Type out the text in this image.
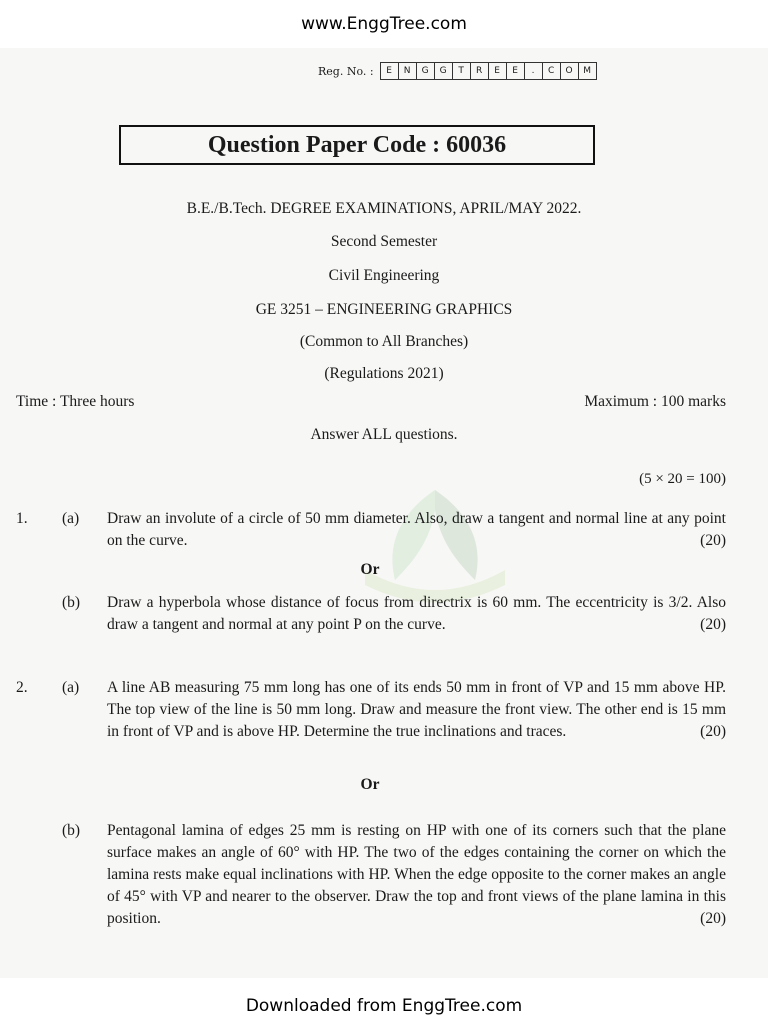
www.EnggTree.com
Reg. No. :	E	N	G	G	T	R	E	E	.	C	O	M
Question Paper Code : 60036
B.E./B.Tech. DEGREE EXAMINATIONS, APRIL/MAY 2022.
Second Semester
Civil Engineering
GE 3251 – ENGINEERING GRAPHICS
(Common to All Branches)
(Regulations 2021)
Time : Three hours	Maximum : 100 marks
Answer ALL questions.
(5 × 20 = 100)
1. (a) Draw an involute of a circle of 50 mm diameter. Also, draw a tangent and normal line at any point on the curve.	(20)
Or
(b) Draw a hyperbola whose distance of focus from directrix is 60 mm. The eccentricity is 3/2. Also draw a tangent and normal at any point P on the curve.	(20)
2. (a) A line AB measuring 75 mm long has one of its ends 50 mm in front of VP and 15 mm above HP. The top view of the line is 50 mm long. Draw and measure the front view. The other end is 15 mm in front of VP and is above HP. Determine the true inclinations and traces.	(20)
Or
(b) Pentagonal lamina of edges 25 mm is resting on HP with one of its corners such that the plane surface makes an angle of 60° with HP. The two of the edges containing the corner on which the lamina rests make equal inclinations with HP. When the edge opposite to the corner makes an angle of 45° with VP and nearer to the observer. Draw the top and front views of the plane lamina in this position.	(20)
Downloaded from EnggTree.com
